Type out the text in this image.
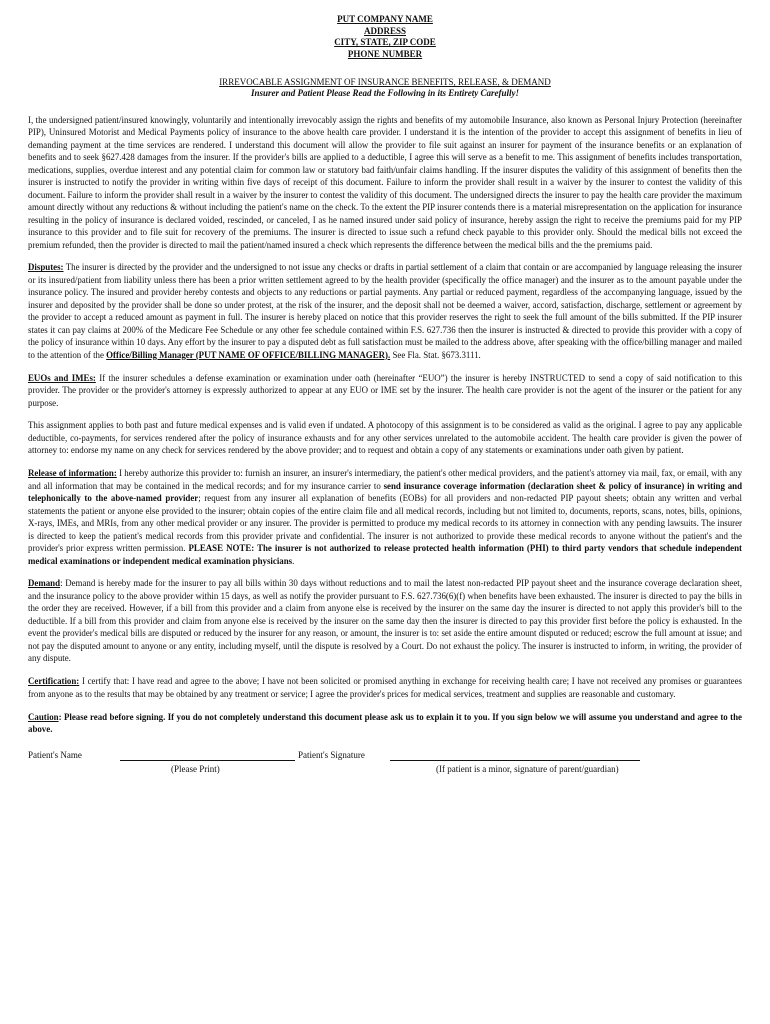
PUT COMPANY NAME
ADDRESS
CITY, STATE, ZIP CODE
PHONE NUMBER
IRREVOCABLE ASSIGNMENT OF INSURANCE BENEFITS, RELEASE, & DEMAND
Insurer and Patient Please Read the Following in its Entirety Carefully!

I, the undersigned patient/insured knowingly, voluntarily and intentionally irrevocably assign the rights and benefits of my automobile Insurance, also known as Personal Injury Protection (hereinafter PIP), Uninsured Motorist and Medical Payments policy of insurance to the above health care provider. I understand it is the intention of the provider to accept this assignment of benefits in lieu of demanding payment at the time services are rendered. I understand this document will allow the provider to file suit against an insurer for payment of the insurance benefits or an explanation of benefits and to seek §627.428 damages from the insurer. If the provider's bills are applied to a deductible, I agree this will serve as a benefit to me. This assignment of benefits includes transportation, medications, supplies, overdue interest and any potential claim for common law or statutory bad faith/unfair claims handling. If the insurer disputes the validity of this assignment of benefits then the insurer is instructed to notify the provider in writing within five days of receipt of this document. Failure to inform the provider shall result in a waiver by the insurer to contest the validity of this document. Failure to inform the provider shall result in a waiver by the insurer to contest the validity of this document. The undersigned directs the insurer to pay the health care provider the maximum amount directly without any reductions & without including the patient's name on the check. To the extent the PIP insurer contends there is a material misrepresentation on the application for insurance resulting in the policy of insurance is declared voided, rescinded, or canceled, I as he named insured under said policy of insurance, hereby assign the right to receive the premiums paid for my PIP insurance to this provider and to file suit for recovery of the premiums. The insurer is directed to issue such a refund check payable to this provider only. Should the medical bills not exceed the premium refunded, then the provider is directed to mail the patient/named insured a check which represents the difference between the medical bills and the the premiums paid.

Disputes: The insurer is directed by the provider and the undersigned to not issue any checks or drafts in partial settlement of a claim that contain or are accompanied by language releasing the insurer or its insured/patient from liability unless there has been a prior written settlement agreed to by the health provider (specifically the office manager) and the insurer as to the amount payable under the insurance policy. The insured and provider hereby contests and objects to any reductions or partial payments. Any partial or reduced payment, regardless of the accompanying language, issued by the insurer and deposited by the provider shall be done so under protest, at the risk of the insurer, and the deposit shall not be deemed a waiver, accord, satisfaction, discharge, settlement or agreement by the provider to accept a reduced amount as payment in full. The insurer is hereby placed on notice that this provider reserves the right to seek the full amount of the bills submitted. If the PIP insurer states it can pay claims at 200% of the Medicare Fee Schedule or any other fee schedule contained within F.S. 627.736 then the insurer is instructed & directed to provide this provider with a copy of the policy of insurance within 10 days. Any effort by the insurer to pay a disputed debt as full satisfaction must be mailed to the address above, after speaking with the office/billing manager and mailed to the attention of the Office/Billing Manager (PUT NAME OF OFFICE/BILLING MANAGER). See Fla. Stat. §673.3111.

EUOs and IMEs: If the insurer schedules a defense examination or examination under oath (hereinafter “EUO”) the insurer is hereby INSTRUCTED to send a copy of said notification to this provider. The provider or the provider's attorney is expressly authorized to appear at any EUO or IME set by the insurer. The health care provider is not the agent of the insurer or the patient for any purpose.

This assignment applies to both past and future medical expenses and is valid even if undated. A photocopy of this assignment is to be considered as valid as the original. I agree to pay any applicable deductible, co-payments, for services rendered after the policy of insurance exhausts and for any other services unrelated to the automobile accident. The health care provider is given the power of attorney to: endorse my name on any check for services rendered by the above provider; and to request and obtain a copy of any statements or examinations under oath given by patient.

Release of information: I hereby authorize this provider to: furnish an insurer, an insurer's intermediary, the patient's other medical providers, and the patient's attorney via mail, fax, or email, with any and all information that may be contained in the medical records; and for my insurance carrier to send insurance coverage information (declaration sheet & policy of insurance) in writing and telephonically to the above-named provider; request from any insurer all explanation of benefits (EOBs) for all providers and non-redacted PIP payout sheets; obtain any written and verbal statements the patient or anyone else provided to the insurer; obtain copies of the entire claim file and all medical records, including but not limited to, documents, reports, scans, notes, bills, opinions, X-rays, IMEs, and MRIs, from any other medical provider or any insurer. The provider is permitted to produce my medical records to its attorney in connection with any pending lawsuits. The insurer is directed to keep the patient's medical records from this provider private and confidential. The insurer is not authorized to provide these medical records to anyone without the patient's and the provider's prior express written permission. PLEASE NOTE: The insurer is not authorized to release protected health information (PHI) to third party vendors that schedule independent medical examinations or independent medical examination physicians.

Demand: Demand is hereby made for the insurer to pay all bills within 30 days without reductions and to mail the latest non-redacted PIP payout sheet and the insurance coverage declaration sheet, and the insurance policy to the above provider within 15 days, as well as notify the provider pursuant to F.S. 627.736(6)(f) when benefits have been exhausted. The insurer is directed to pay the bills in the order they are received. However, if a bill from this provider and a claim from anyone else is received by the insurer on the same day the insurer is directed to not apply this provider's bill to the deductible. If a bill from this provider and claim from anyone else is received by the insurer on the same day then the insurer is directed to pay this provider first before the policy is exhausted. In the event the provider's medical bills are disputed or reduced by the insurer for any reason, or amount, the insurer is to: set aside the entire amount disputed or reduced; escrow the full amount at issue; and not pay the disputed amount to anyone or any entity, including myself, until the dispute is resolved by a Court. Do not exhaust the policy. The insurer is instructed to inform, in writing, the provider of any dispute.

Certification: I certify that: I have read and agree to the above; I have not been solicited or promised anything in exchange for receiving health care; I have not received any promises or guarantees from anyone as to the results that may be obtained by any treatment or service; I agree the provider's prices for medical services, treatment and supplies are reasonable and customary.

Caution: Please read before signing. If you do not completely understand this document please ask us to explain it to you. If you sign below we will assume you understand and agree to the above.

Patient's Name
(Please Print)
Patient's Signature
(If patient is a minor, signature of parent/guardian)
